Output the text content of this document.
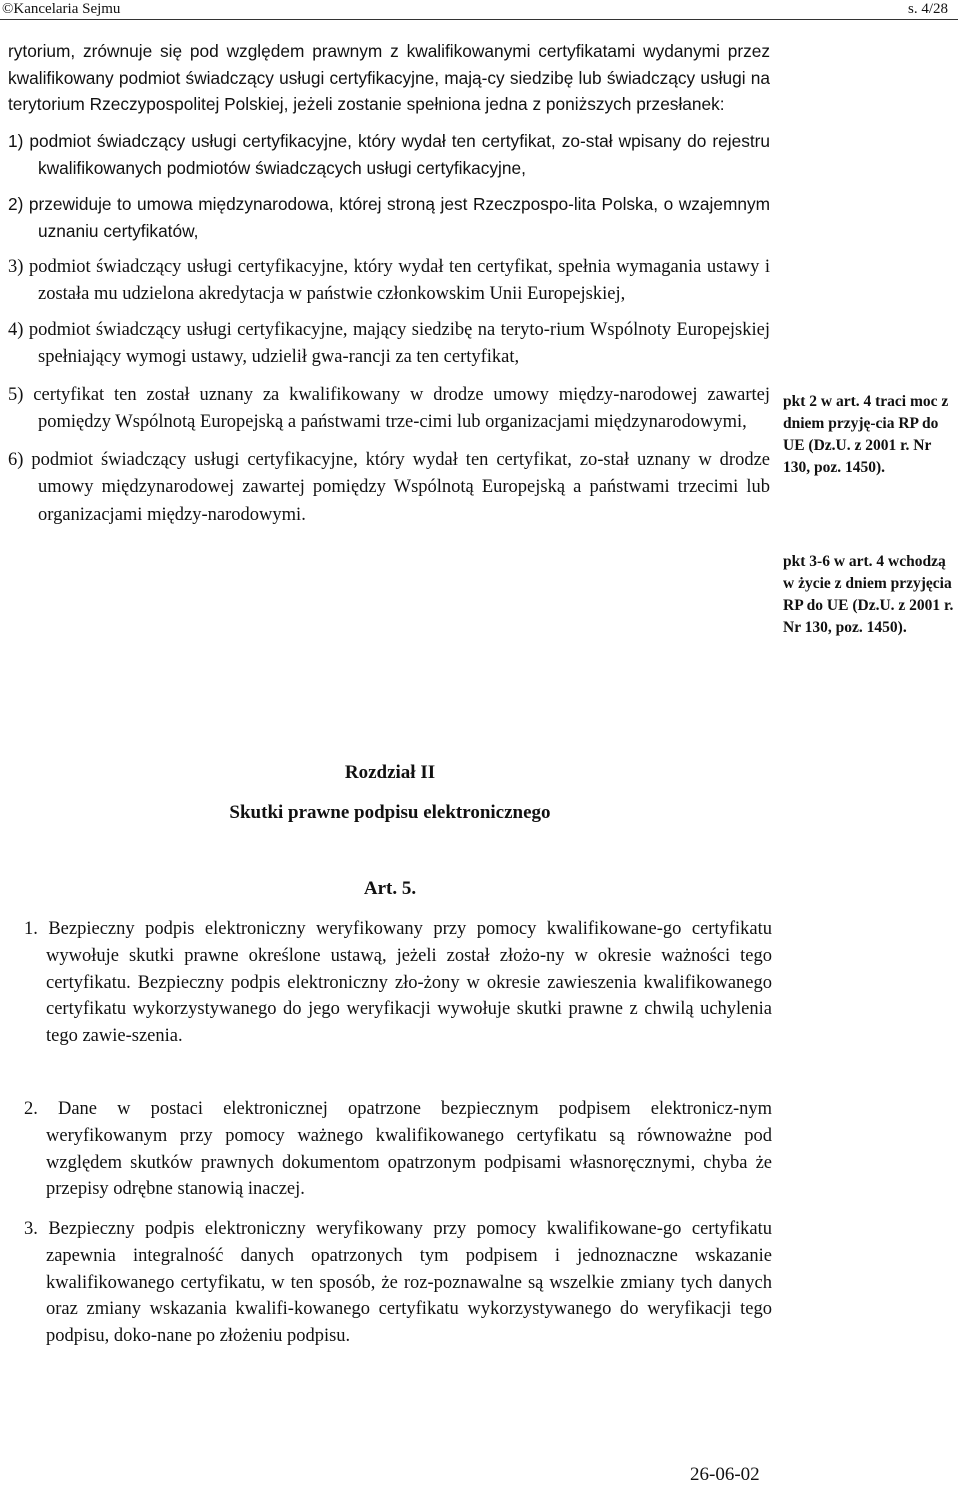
©Kancelaria Sejmu	s. 4/28

rytorium, zrównuje się pod względem prawnym z kwalifikowanymi certyfikatami wydanymi przez kwalifikowany podmiot świadczący usługi certyfikacyjne, mają-cy siedzibę lub świadczący usługi na terytorium Rzeczypospolitej Polskiej, jeżeli zostanie spełniona jedna z poniższych przesłanek:

1) podmiot świadczący usługi certyfikacyjne, który wydał ten certyfikat, zo-stał wpisany do rejestru kwalifikowanych podmiotów świadczących usługi certyfikacyjne,

2) przewiduje to umowa międzynarodowa, której stroną jest Rzeczpospo-lita Polska, o wzajemnym uznaniu certyfikatów,

3) podmiot świadczący usługi certyfikacyjne, który wydał ten certyfikat, spełnia wymagania ustawy i została mu udzielona akredytacja w państwie członkowskim Unii Europejskiej,

4) podmiot świadczący usługi certyfikacyjne, mający siedzibę na teryto-rium Wspólnoty Europejskiej spełniający wymogi ustawy, udzielił gwa-rancji za ten certyfikat,

5) certyfikat ten został uznany za kwalifikowany w drodze umowy między-narodowej zawartej pomiędzy Wspólnotą Europejską a państwami trze-cimi lub organizacjami międzynarodowymi,

6) podmiot świadczący usługi certyfikacyjne, który wydał ten certyfikat, zo-stał uznany w drodze umowy międzynarodowej zawartej pomiędzy Wspólnotą Europejską a państwami trzecimi lub organizacjami między-narodowymi.

pkt 2 w art. 4 traci moc z dniem przyję-cia RP do UE (Dz.U. z 2001 r. Nr 130, poz. 1450).
pkt 3-6 w art. 4 wchodzą w życie z dniem przyjęcia RP do UE (Dz.U. z 2001 r. Nr 130, poz. 1450).
Rozdział II
Skutki prawne podpisu elektronicznego
Art. 5.

1. Bezpieczny podpis elektroniczny weryfikowany przy pomocy kwalifikowane-go certyfikatu wywołuje skutki prawne określone ustawą, jeżeli został złożo-ny w okresie ważności tego certyfikatu. Bezpieczny podpis elektroniczny zło-żony w okresie zawieszenia kwalifikowanego certyfikatu wykorzystywanego do jego weryfikacji wywołuje skutki prawne z chwilą uchylenia tego zawie-szenia.

2. Dane w postaci elektronicznej opatrzone bezpiecznym podpisem elektronicz-nym weryfikowanym przy pomocy ważnego kwalifikowanego certyfikatu są równoważne pod względem skutków prawnych dokumentom opatrzonym podpisami własnoręcznymi, chyba że przepisy odrębne stanowią inaczej.

3. Bezpieczny podpis elektroniczny weryfikowany przy pomocy kwalifikowane-go certyfikatu zapewnia integralność danych opatrzonych tym podpisem i jednoznaczne wskazanie kwalifikowanego certyfikatu, w ten sposób, że roz-poznawalne są wszelkie zmiany tych danych oraz zmiany wskazania kwalifi-kowanego certyfikatu wykorzystywanego do weryfikacji tego podpisu, doko-nane po złożeniu podpisu.

26-06-02
